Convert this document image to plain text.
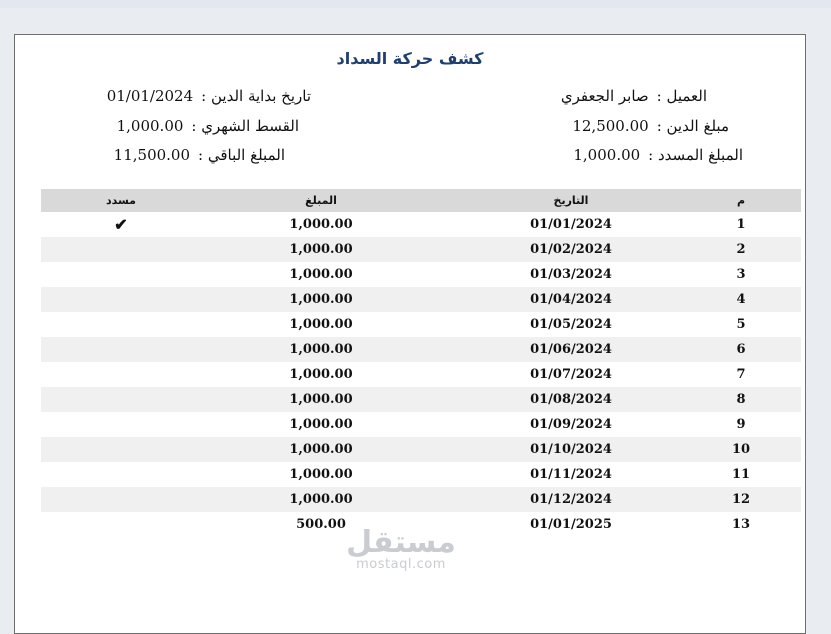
كشف حركة السداد
العميل :صابر الجعفري
مبلغ الدين :12,500.00
المبلغ المسدد :1,000.00
تاريخ بداية الدين :01/01/2024
القسط الشهري :1,000.00
المبلغ الباقي :11,500.00
م
التاريخ
المبلغ
مسدد
1
01/01/2024
1,000.00
✔
2
01/02/2024
1,000.00
3
01/03/2024
1,000.00
4
01/04/2024
1,000.00
5
01/05/2024
1,000.00
6
01/06/2024
1,000.00
7
01/07/2024
1,000.00
8
01/08/2024
1,000.00
9
01/09/2024
1,000.00
10
01/10/2024
1,000.00
11
01/11/2024
1,000.00
12
01/12/2024
1,000.00
13
01/01/2025
500.00
مستقل
mostaql.com
